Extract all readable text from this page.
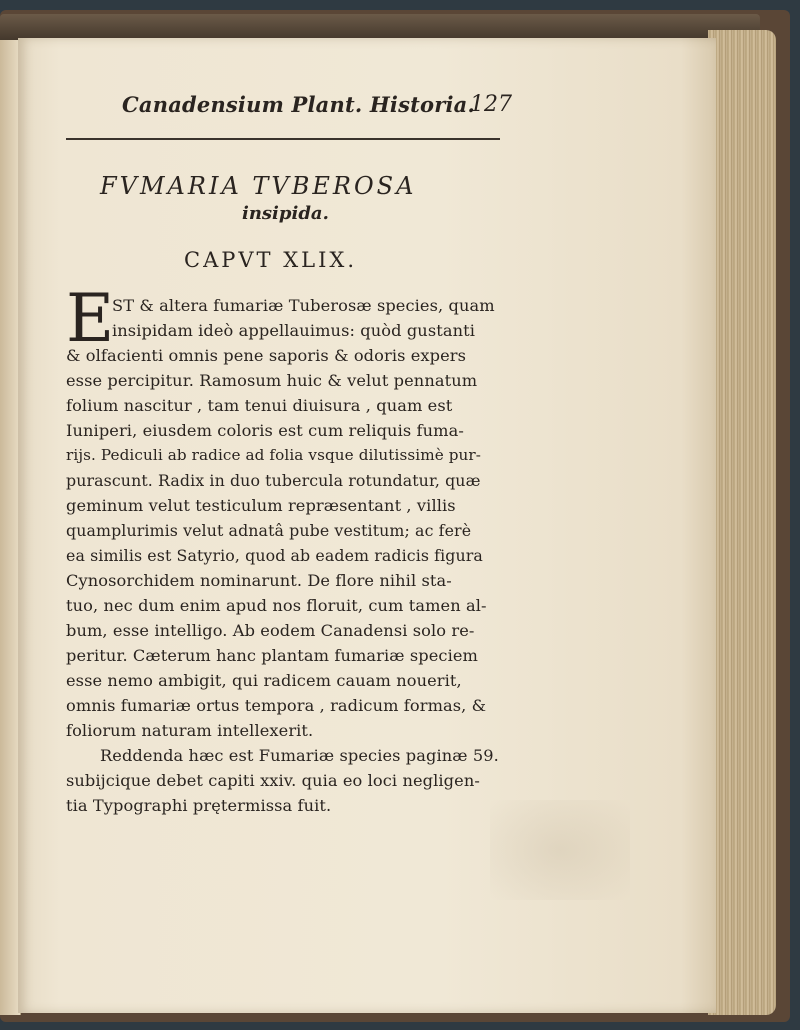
Canadensium Plant. Historia.
127
FVMARIA TVBEROSA
insipida.
CAPVT XLIX.
E
ST & altera fumariæ Tuberosæ species, quam
insipidam ideò appellauimus: quòd gustanti
& olfacienti omnis pene saporis & odoris expers
esse percipitur. Ramosum huic & velut pennatum
folium nascitur , tam tenui diuisura , quam est
Iuniperi, eiusdem coloris est cum reliquis fuma-
rijs. Pediculi ab radice ad folia vsque dilutissimè pur-
purascunt. Radix in duo tubercula rotundatur, quæ
geminum velut testiculum repræsentant , villis
quamplurimis velut adnatâ pube vestitum; ac ferè
ea similis est Satyrio, quod ab eadem radicis figura
Cynosorchidem nominarunt. De flore nihil sta-
tuo, nec dum enim apud nos floruit, cum tamen al-
bum, esse intelligo. Ab eodem Canadensi solo re-
peritur. Cæterum hanc plantam fumariæ speciem
esse nemo ambigit, qui radicem cauam nouerit,
omnis fumariæ ortus tempora , radicum formas, &
foliorum naturam intellexerit.
Reddenda hæc est Fumariæ species paginæ 59.
subijcique debet capiti xxiv. quia eo loci negligen-
tia Typographi prętermissa fuit.
